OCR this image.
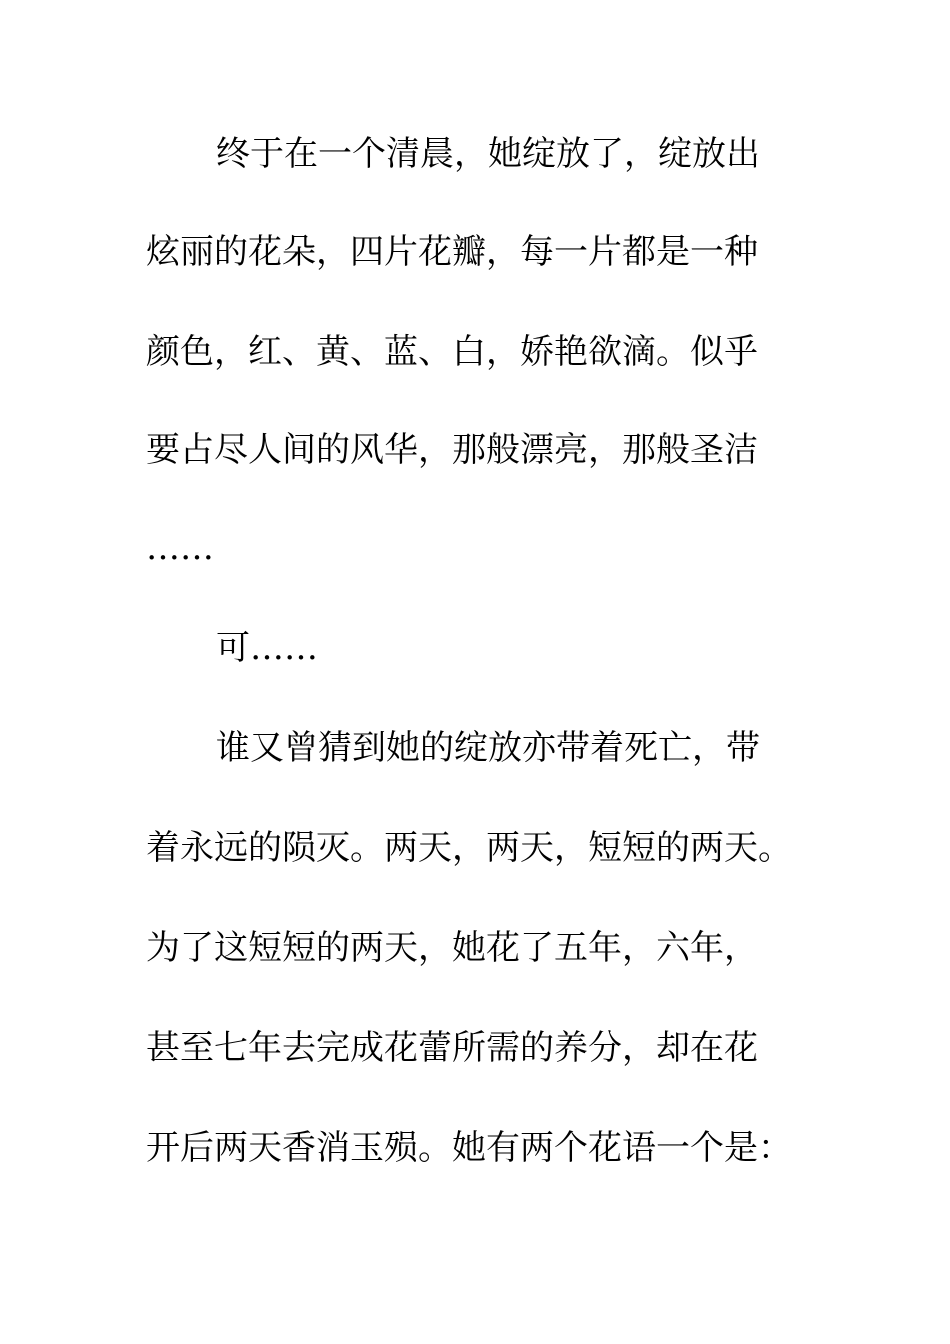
终于在一个清晨，她绽放了，绽放出
炫丽的花朵，四片花瓣，每一片都是一种
颜色，红、黄、蓝、白，娇艳欲滴。似乎
要占尽人间的风华，那般漂亮，那般圣洁
……
可……
谁又曾猜到她的绽放亦带着死亡，带
着永远的陨灭。两天，两天，短短的两天。
为了这短短的两天，她花了五年，六年，
甚至七年去完成花蕾所需的养分，却在花
开后两天香消玉殒。她有两个花语一个是：
